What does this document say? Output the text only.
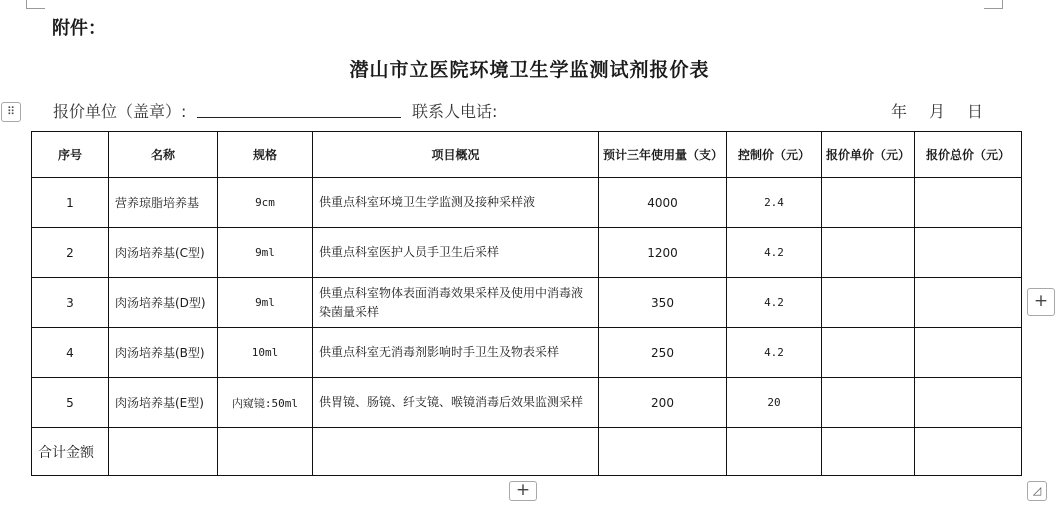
附件：
潜山市立医院环境卫生学监测试剂报价表
⠿	报价单位（盖章）:	联系人电话:	年 月 日
序号	名称	规格	项目概况	预计三年使用量（支）	控制价（元）	报价单价（元）	报价总价（元）
1	营养琼脂培养基	9cm	供重点科室环境卫生学监测及接种采样液	4000	2.4		
2	肉汤培养基(C型)	9ml	供重点科室医护人员手卫生后采样	1200	4.2		
3	肉汤培养基(D型)	9ml	供重点科室物体表面消毒效果采样及使用中消毒液染菌量采样	350	4.2		
4	肉汤培养基(B型)	10ml	供重点科室无消毒剂影响时手卫生及物表采样	250	4.2		
5	肉汤培养基(E型)	内窥镜:50ml	供胃镜、肠镜、纤支镜、喉镜消毒后效果监测采样	200	20		
合计金额							
+
+	◿
